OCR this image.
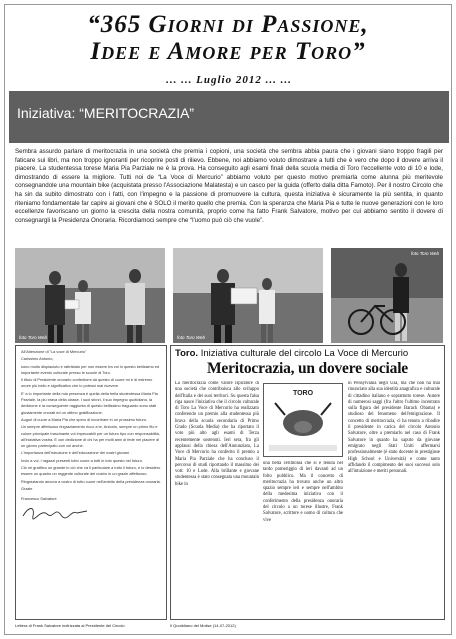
“365 Giorni di Passione,
Idee e Amore per Toro”
... ... Luglio 2012 ... ...
Iniziativa: “MERITOCRAZIA”
Sembra assurdo parlare di meritocrazia in una società che premia i copioni, una società che sembra abbia paura che i giovani siano troppo fragili per faticare sui libri, ma non troppo ignoranti per ricoprire posti di rilievo. Ebbene, noi abbiamo voluto dimostrare a tutti che è vero che dopo il dovere arriva il piacere. La studentessa torese Maria Pia Parziale ne è la prova. Ha conseguito agli esami finali della scuola media di Toro l'eccellente voto di 10 e lode, dimostrando di essere la migliore. Tutti noi de “La Voce di Mercurio” abbiamo voluto per questo motivo premiarla come alunna più meritevole consegnandole una mountain bike (acquistata presso l'Associazione Malatesta) e un casco per la guida (offerto dalla ditta Famoto). Per il nostro Circolo che ha sin da subito dimostrato con i fatti, con l'impegno e la passione di promuovere la cultura, questa iniziativa è sicuramente la più sentita, in quanto riteniamo fondamentale far capire ai giovani che è SOLO il merito quello che premia. Con la speranza che Maria Pia e tutte le nuove generazioni con le loro eccellenze favoriscano un giorno la crescita della nostra comunità, proprio come ha fatto Frank Salvatore, motivo per cui abbiamo sentito il dovere di consegnargli la Presidenza Onoraria. Ricordiamoci sempre che “l'uomo può ciò che vuole”.
foto Toro Web	foto Toro Web
foto Toro Web

All'Attenzione di "La voce di Mercurio"

Carissimo Antonio,

sono molto dispiaciuto e rattristato per non essere tra voi in questo bellissimo ed importante evento culturale presso le scuole di Toro.

Il titolo di Presidente onorario conferitomi da questo di cuore mi è di estremo onore più bello e significativo che io potessi mai ricevere.

E' a io importante della mia presenza è quella della bella studentessa Maria Pia Parziale, la più brava della classe. I suoi sforzi, il suo impegno quotidiano, la dedizione e la conseguente raggiunta di questo bellissimo traguardo sono stati giustamente onorati ed un ottimo gratificazione.

Auguri di cuore a Maria Pia che spero di incontrare in un prossimo futuro.

Un sempre affettuoso ringraziamento ricco a te, Antonio, sempre un primo filo e colore principale trascinante voi impeccabili per un futuro tipo con responsabilità, all'iniziativa vostra. E con dedizione di chi ha per molti anni di fede nel piacere di un giorno partecipato con voi anche.

L'importanza dell'istruzione e dell'educazione dei nostri giovani.

Invio a voi, i ragazzi presenti tutto cuore a tutti in toto questo nel futuro.

Ciò mi gratifico un grande in ciò che va il particolare a tutto il futuro, e lo desidero essere un quadro un reggente culturale del nostro in un grazie affettuoso.

Ringraziando ancora a vostro di tutto cuore nell'ambito della presidenza onoraria.

Grazie

Francesco Salvatore

Lettera di Frank Salvatore indirizzata al Presidente del Circolo
Toro. Iniziativa culturale del circolo La Voce di Mercurio
Meritocrazia, un dovere sociale
La meritocrazia come valore ispiratore di una società che contribuisca allo sviluppo dell'Italia e dei suoi territori. Su questa falsa riga nasce l'iniziativa che il circolo culturale di Toro La Voce di Mercurio ha realizzato conferendo un premio alla studentessa più brava della scuola secondaria di Primo Grado (Scuola Media) che ha riportato il voto più alto agli esami di Terza recentemente sostenuti. Ieri sera, fra gli applausi della chiesa dell'Annunziata, La Voce di Mercurio ha conferito il premio a Maria Pia Parziale che ha concluso il percorso di studi riportando il massimo dei voti: 10 e Lode. Alla brillante e giovane studentessa è stato consegnata una mountain bike in
TORO
una bella cerimonia che si è tenuta nel tardo pomeriggio di ieri davanti ad un folto pubblico. Ma il concetto di meritocrazia ha trovato anche un altro spazio sempre ieri e sempre nell'ambito della medesima iniziativa con il conferimento della presidenza onoraria del circolo a un torese illustre, Frank Salvatore, scrittore e uomo di cultura che vive
in Pensylvania negli Usa, ma che non ha mai rinunciato alla sua identità anagrafica e culturale di cittadino italiano e soprattutto torese. Autore di numerosi saggi (fra l'altro l'ultimo incentrato sulla figura del presidente Barack Obama) e studioso del fenomeno dell'emigrazione. Il concetto di meritocrazia, ci ha tenuto a ribadire il presidente in carica del circolo Antonio Salvatore, oltre a premiarlo nel caso di Frank Salvatore in quanto ha saputo da giovane emigrato negli Stati Uniti affermarsi professionalmente (è stato docente in prestigiose High School e Università) e come tanto affidando il compimento dei suoi successi solo all'intuizione e meriti personali.
Il Quotidiano del Molise (14-07-2012)
